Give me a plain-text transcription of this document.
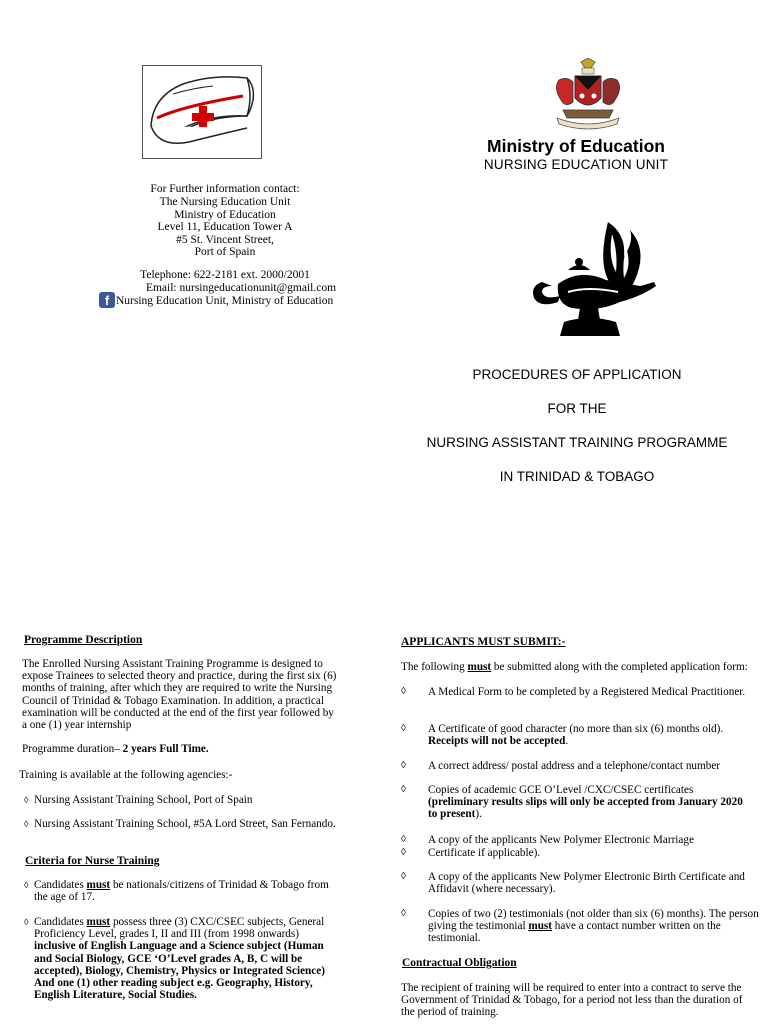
For Further information contact:
The Nursing Education Unit
Ministry of Education
Level 11, Education Tower A
#5 St. Vincent Street,
Port of Spain
Telephone: 622-2181 ext. 2000/2001
Email: nursingeducationunit@gmail.com
f Nursing Education Unit, Ministry of Education
Ministry of Education
NURSING EDUCATION UNIT
PROCEDURES OF APPLICATION
FOR THE
NURSING ASSISTANT TRAINING PROGRAMME
IN TRINIDAD & TOBAGO
Programme Description
The Enrolled Nursing Assistant Training Programme is designed to expose Trainees to selected theory and practice, during the first six (6) months of training, after which they are required to write the Nursing Council of Trinidad & Tobago Examination. In addition, a practical examination will be conducted at the end of the first year followed by a one (1) year internship
Programme duration– 2 years Full Time.
Training is available at the following agencies:-
◊ Nursing Assistant Training School, Port of Spain
◊ Nursing Assistant Training School, #5A Lord Street, San Fernando.
Criteria for Nurse Training
◊ Candidates must be nationals/citizens of Trinidad & Tobago from the age of 17.
◊ Candidates must possess three (3) CXC/CSEC subjects, General Proficiency Level, grades I, II and III (from 1998 onwards) inclusive of English Language and a Science subject (Human and Social Biology, GCE ‘O’Level grades A, B, C will be accepted), Biology, Chemistry, Physics or Integrated Science) And one (1) other reading subject e.g. Geography, History, English Literature, Social Studies.
APPLICANTS MUST SUBMIT:-
The following must be submitted along with the completed application form:
◊	A Medical Form to be completed by a Registered Medical Practitioner.
◊	A Certificate of good character (no more than six (6) months old). Receipts will not be accepted.
◊	A correct address/ postal address and a telephone/contact number
◊	Copies of academic GCE O’Level /CXC/CSEC certificates (preliminary results slips will only be accepted from January 2020 to present).
◊	A copy of the applicants New Polymer Electronic Marriage
◊	Certificate if applicable).
◊	A copy of the applicants New Polymer Electronic Birth Certificate and Affidavit (where necessary).
◊	Copies of two (2) testimonials (not older than six (6) months). The person giving the testimonial must have a contact number written on the testimonial.
Contractual Obligation
The recipient of training will be required to enter into a contract to serve the Government of Trinidad & Tobago, for a period not less than the duration of the period of training.
